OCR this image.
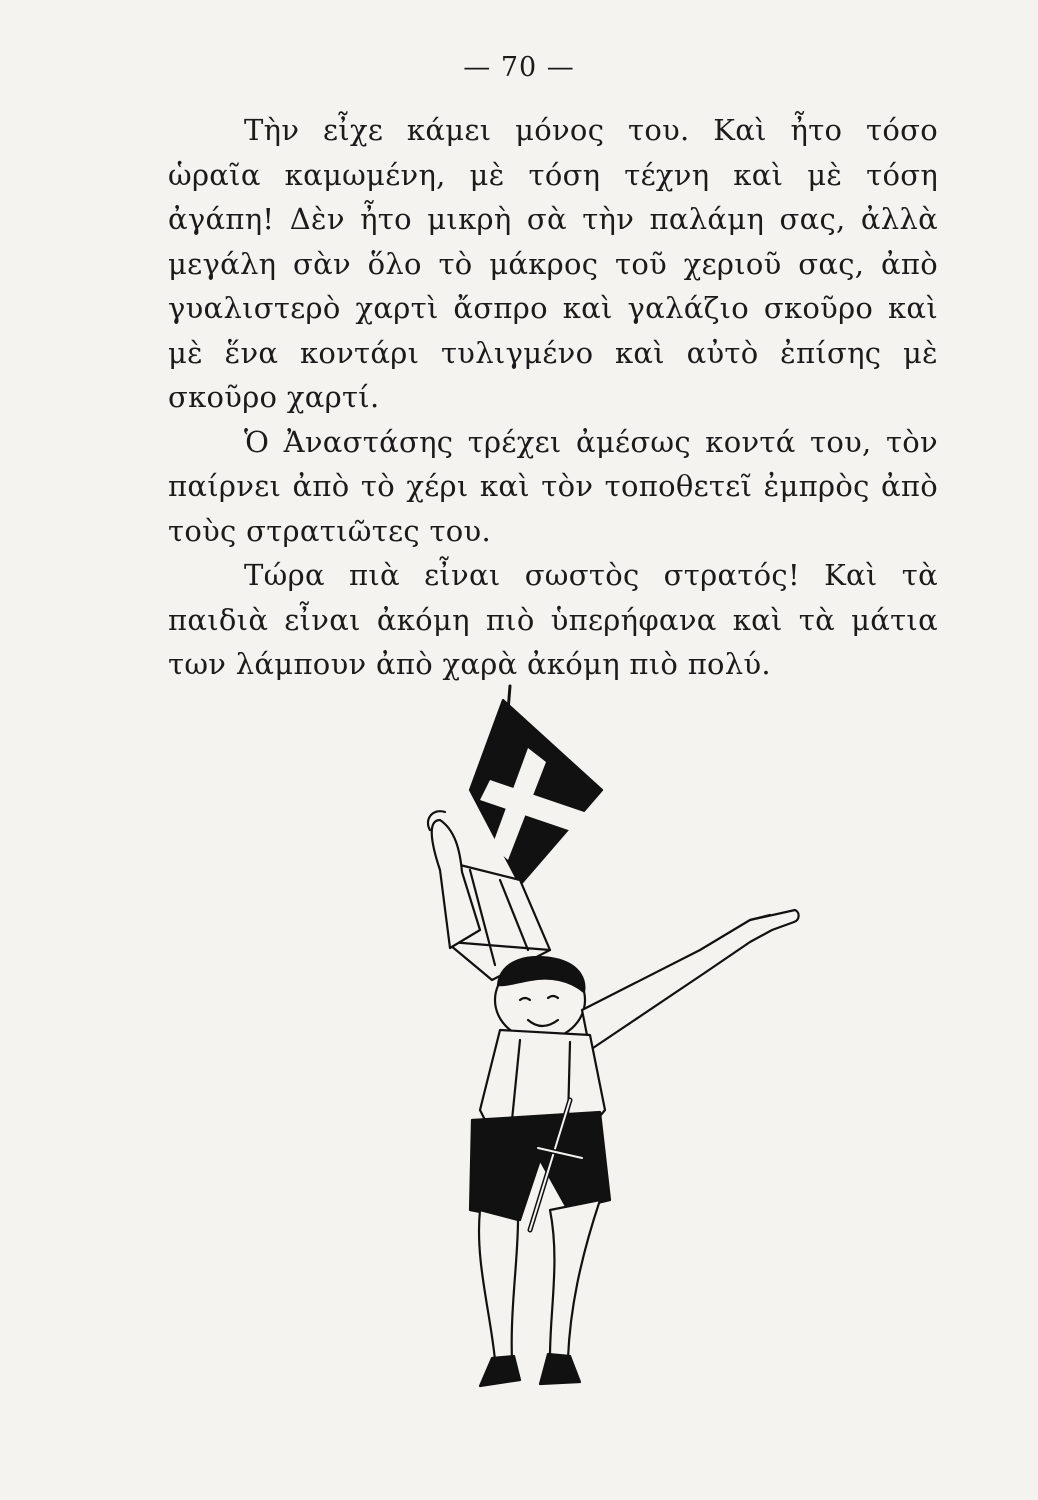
— 70 —

Τὴν εἶχε κάμει μόνος του. Καὶ ἦτο τόσο ὡραῖα καμωμένη, μὲ τόση τέχνη καὶ μὲ τόση ἀγάπη! Δὲν ἦτο μικρὴ σὰ τὴν παλάμη σας, ἀλλὰ μεγάλη σὰν ὅλο τὸ μάκρος τοῦ χεριοῦ σας, ἀπὸ γυαλιστερὸ χαρτὶ ἄσπρο καὶ γαλάζιο σκοῦρο καὶ μὲ ἕνα κοντάρι τυλιγμένο καὶ αὐτὸ ἐπίσης μὲ σκοῦρο χαρτί.

Ὁ Ἀναστάσης τρέχει ἀμέσως κοντά του, τὸν παίρνει ἀπὸ τὸ χέρι καὶ τὸν τοποθετεῖ ἐμπρὸς ἀπὸ τοὺς στρατιῶτες του.

Τώρα πιὰ εἶναι σωστὸς στρατός! Καὶ τὰ παιδιὰ εἶναι ἀκόμη πιὸ ὑπερήφανα καὶ τὰ μάτια των λάμπουν ἀπὸ χαρὰ ἀκόμη πιὸ πολύ.
